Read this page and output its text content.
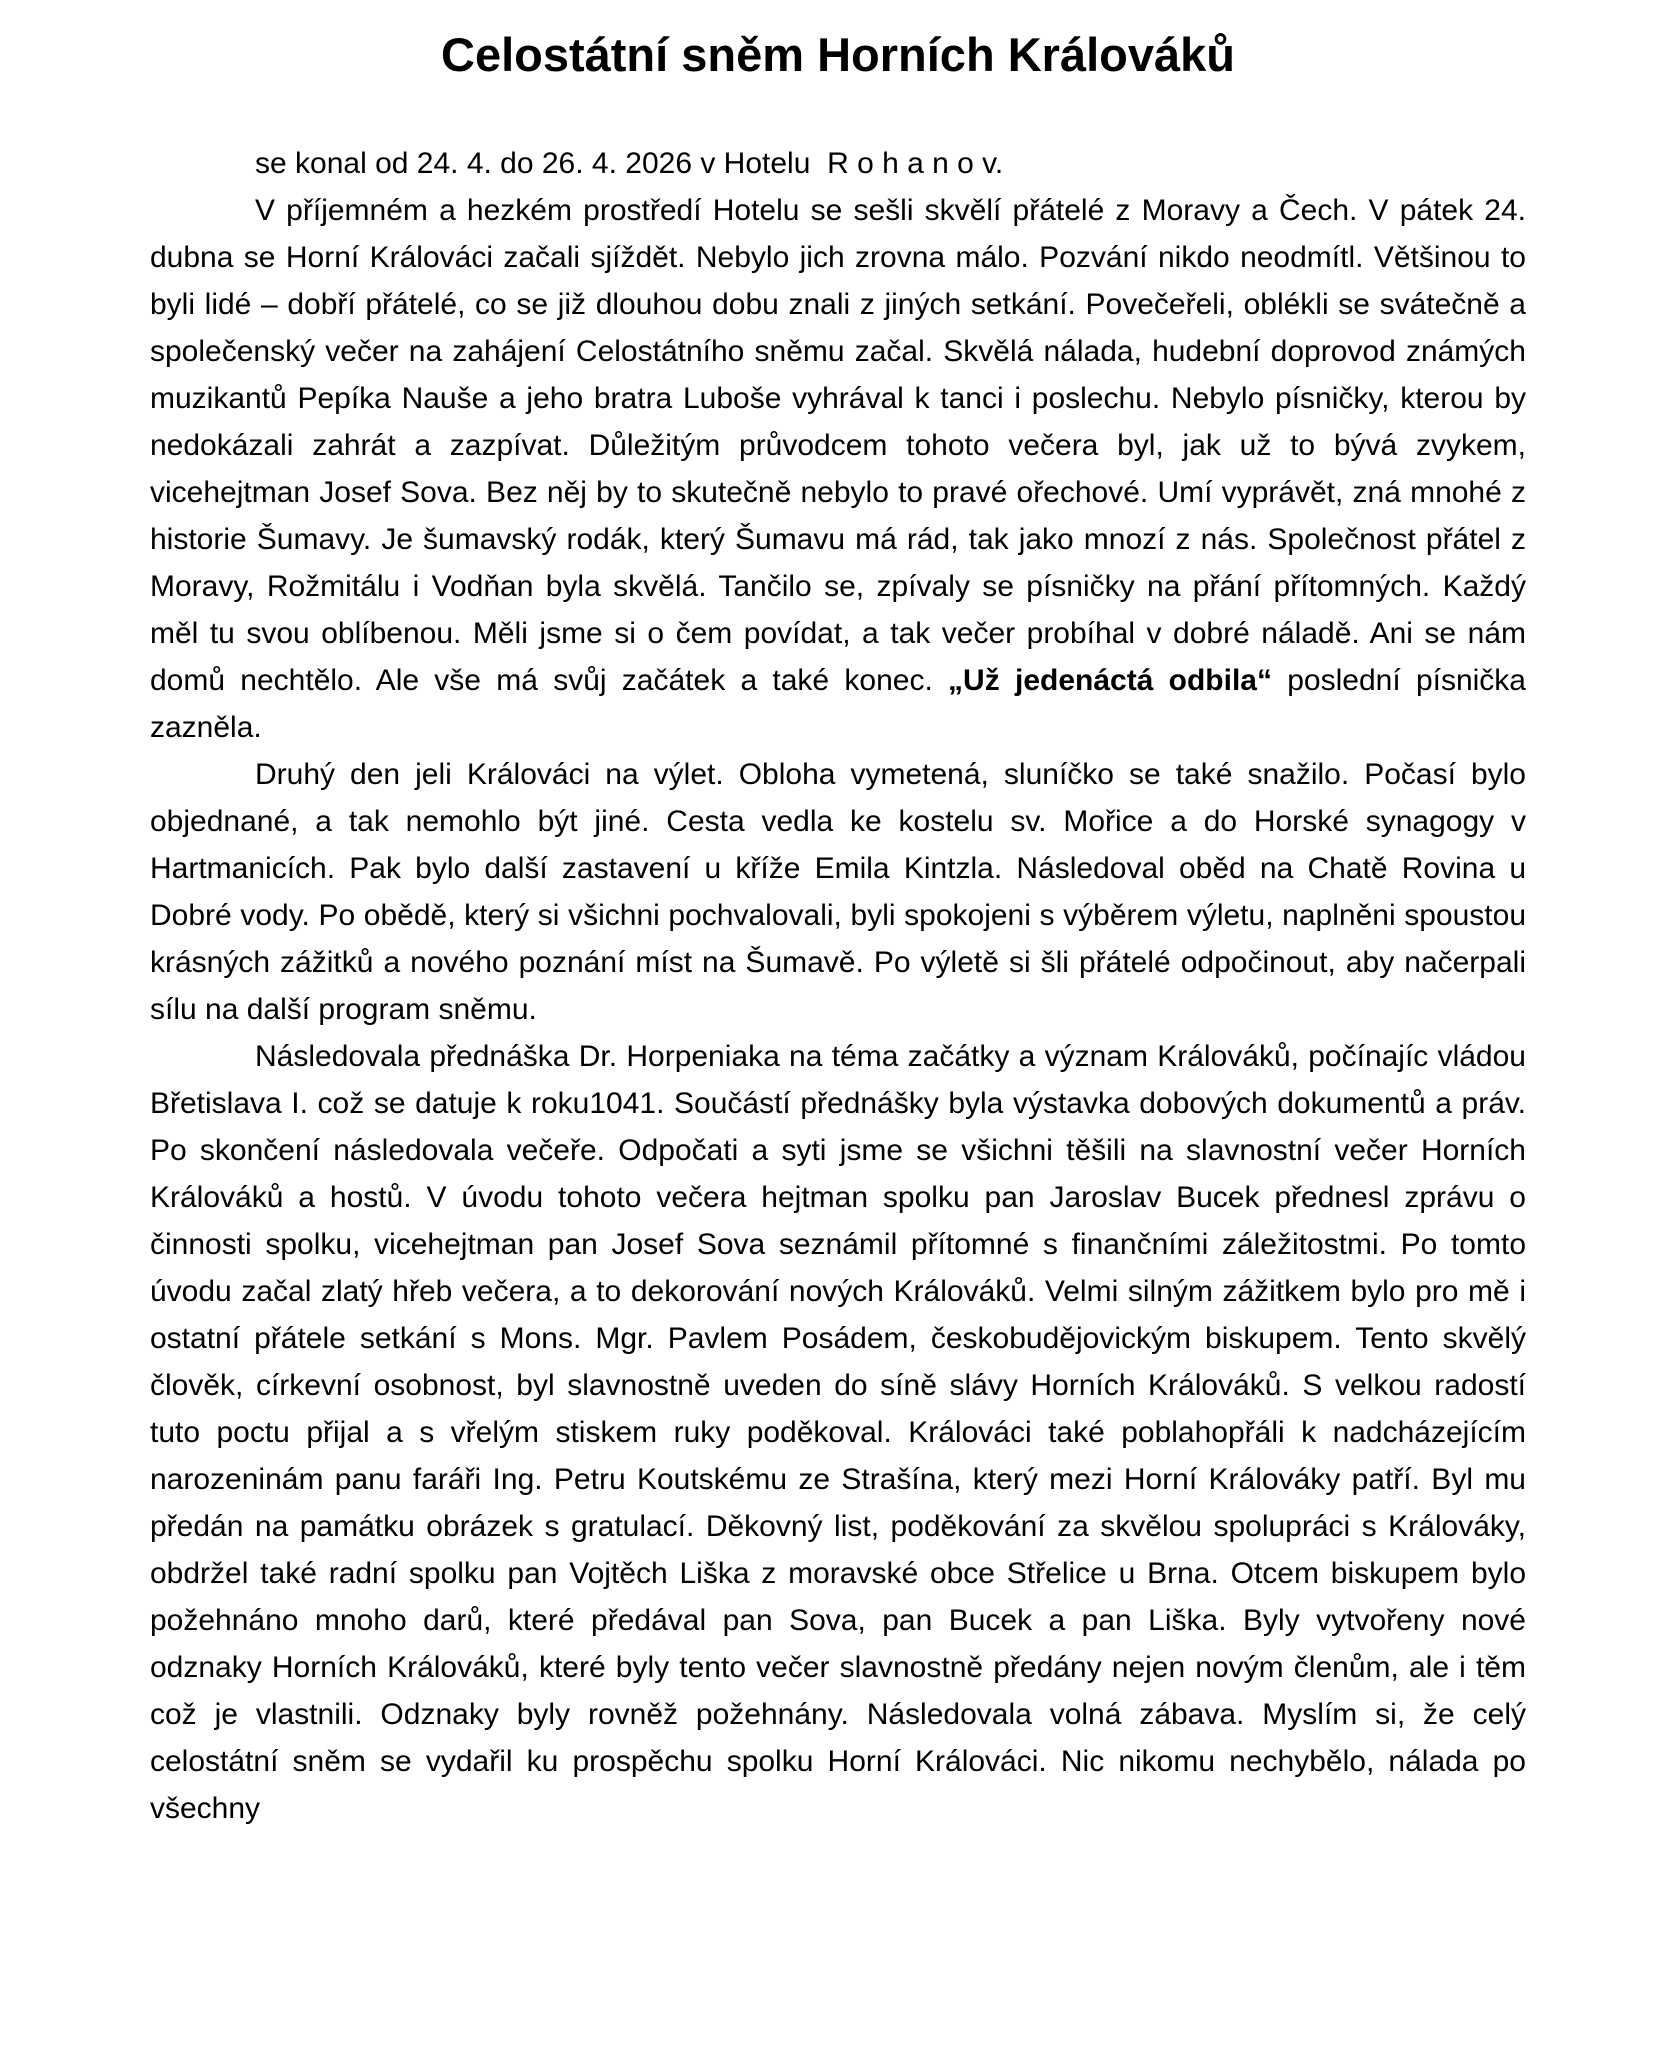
Celostátní sněm Horních Králováků

se konal od 24. 4. do 26. 4. 2026 v Hotelu  R o h a n o v.

V příjemném a hezkém prostředí Hotelu se sešli skvělí přátelé z Moravy a Čech. V pátek 24. dubna se Horní Králováci začali sjíždět. Nebylo jich zrovna málo. Pozvání nikdo neodmítl. Většinou to byli lidé – dobří přátelé, co se již dlouhou dobu znali z jiných setkání. Povečeřeli, oblékli se svátečně a společenský večer na zahájení Celostátního sněmu začal. Skvělá nálada, hudební doprovod známých muzikantů Pepíka Nauše a jeho bratra Luboše vyhrával k tanci i poslechu. Nebylo písničky, kterou by nedokázali zahrát a zazpívat. Důležitým průvodcem tohoto večera byl, jak už to bývá zvykem, vicehejtman Josef Sova. Bez něj by to skutečně nebylo to pravé ořechové. Umí vyprávět, zná mnohé z historie Šumavy. Je šumavský rodák, který Šumavu má rád, tak jako mnozí z nás. Společnost přátel z Moravy, Rožmitálu i Vodňan byla skvělá. Tančilo se, zpívaly se písničky na přání přítomných. Každý měl tu svou oblíbenou. Měli jsme si o čem povídat, a tak večer probíhal v dobré náladě. Ani se nám domů nechtělo. Ale vše má svůj začátek a také konec. „Už jedenáctá odbila“ poslední písnička zazněla.

Druhý den jeli Králováci na výlet. Obloha vymetená, sluníčko se také snažilo. Počasí bylo objednané, a tak nemohlo být jiné. Cesta vedla ke kostelu sv. Mořice a do Horské synagogy v Hartmanicích. Pak bylo další zastavení u kříže Emila Kintzla. Následoval oběd na Chatě Rovina u Dobré vody. Po obědě, který si všichni pochvalovali, byli spokojeni s výběrem výletu, naplněni spoustou krásných zážitků a nového poznání míst na Šumavě. Po výletě si šli přátelé odpočinout, aby načerpali sílu na další program sněmu.

Následovala přednáška Dr. Horpeniaka na téma začátky a význam Králováků, počínajíc vládou Břetislava I. což se datuje k roku1041. Součástí přednášky byla výstavka dobových dokumentů a práv. Po skončení následovala večeře. Odpočati a syti jsme se všichni těšili na slavnostní večer Horních Králováků a hostů. V úvodu tohoto večera hejtman spolku pan Jaroslav Bucek přednesl zprávu o činnosti spolku, vicehejtman pan Josef Sova seznámil přítomné s finančními záležitostmi. Po tomto úvodu začal zlatý hřeb večera, a to dekorování nových Králováků. Velmi silným zážitkem bylo pro mě i ostatní přátele setkání s Mons. Mgr. Pavlem Posádem, českobudějovickým biskupem. Tento skvělý člověk, církevní osobnost, byl slavnostně uveden do síně slávy Horních Králováků. S velkou radostí tuto poctu přijal a s vřelým stiskem ruky poděkoval. Králováci také poblahopřáli k nadcházejícím narozeninám panu faráři Ing. Petru Koutskému ze Strašína, který mezi Horní Králováky patří. Byl mu předán na památku obrázek s gratulací. Děkovný list, poděkování za skvělou spolupráci s Králováky, obdržel také radní spolku pan Vojtěch Liška z moravské obce Střelice u Brna. Otcem biskupem bylo požehnáno mnoho darů, které předával pan Sova, pan Bucek a pan Liška. Byly vytvořeny nové odznaky Horních Králováků, které byly tento večer slavnostně předány nejen novým členům, ale i těm což je vlastnili. Odznaky byly rovněž požehnány. Následovala volná zábava. Myslím si, že celý celostátní sněm se vydařil ku prospěchu spolku Horní Králováci. Nic nikomu nechybělo, nálada po všechny
